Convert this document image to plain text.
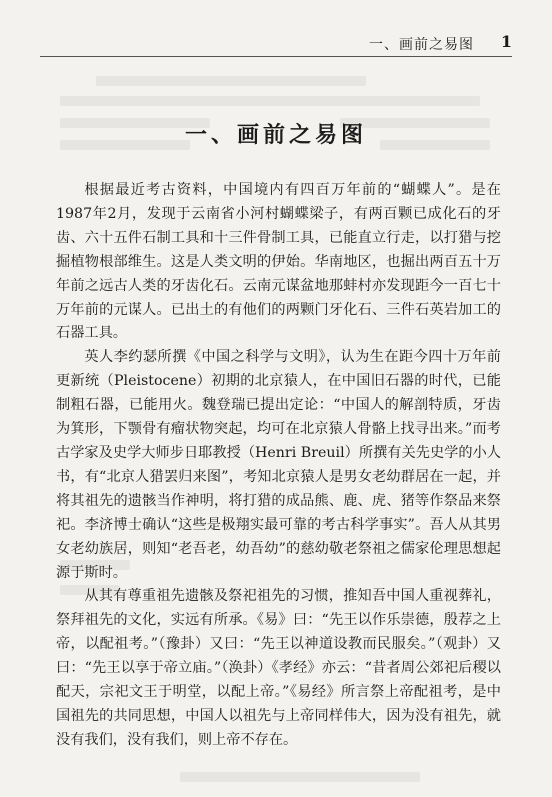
一、画前之易图 1
一、画前之易图

根据最近考古资料，中国境内有四百万年前的“蝴蝶人”。是在1987年2月，发现于云南省小河村蝴蝶梁子，有两百颗已成化石的牙齿、六十五件石制工具和十三件骨制工具，已能直立行走，以打猎与挖掘植物根部维生。这是人类文明的伊始。华南地区，也掘出两百五十万年前之远古人类的牙齿化石。云南元谋盆地那蚌村亦发现距今一百七十万年前的元谋人。已出土的有他们的两颗门牙化石、三件石英岩加工的石器工具。

英人李约瑟所撰《中国之科学与文明》，认为生在距今四十万年前更新统（Pleistocene）初期的北京猿人，在中国旧石器的时代，已能制粗石器，已能用火。魏登瑞已提出定论：“中国人的解剖特质，牙齿为箕形，下颚骨有瘤状物突起，均可在北京猿人骨骼上找寻出来。”而考古学家及史学大师步日耶教授（Henri Breuil）所撰有关先史学的小人书，有“北京人猎罢归来图”，考知北京猿人是男女老幼群居在一起，并将其祖先的遗骸当作神明，将打猎的成品熊、鹿、虎、猪等作祭品来祭祀。李济博士确认“这些是极翔实最可靠的考古科学事实”。吾人从其男女老幼族居，则知“老吾老，幼吾幼”的慈幼敬老祭祖之儒家伦理思想起源于斯时。

从其有尊重祖先遗骸及祭祀祖先的习惯，推知吾中国人重视葬礼，祭拜祖先的文化，实远有所承。《易》曰：“先王以作乐崇德，殷荐之上帝，以配祖考。”（豫卦）又曰：“先王以神道设教而民服矣。”（观卦）又曰：“先王以享于帝立庙。”（涣卦）《孝经》亦云：“昔者周公郊祀后稷以配天，宗祀文王于明堂，以配上帝。”《易经》所言祭上帝配祖考，是中国祖先的共同思想，中国人以祖先与上帝同样伟大，因为没有祖先，就没有我们，没有我们，则上帝不存在。
